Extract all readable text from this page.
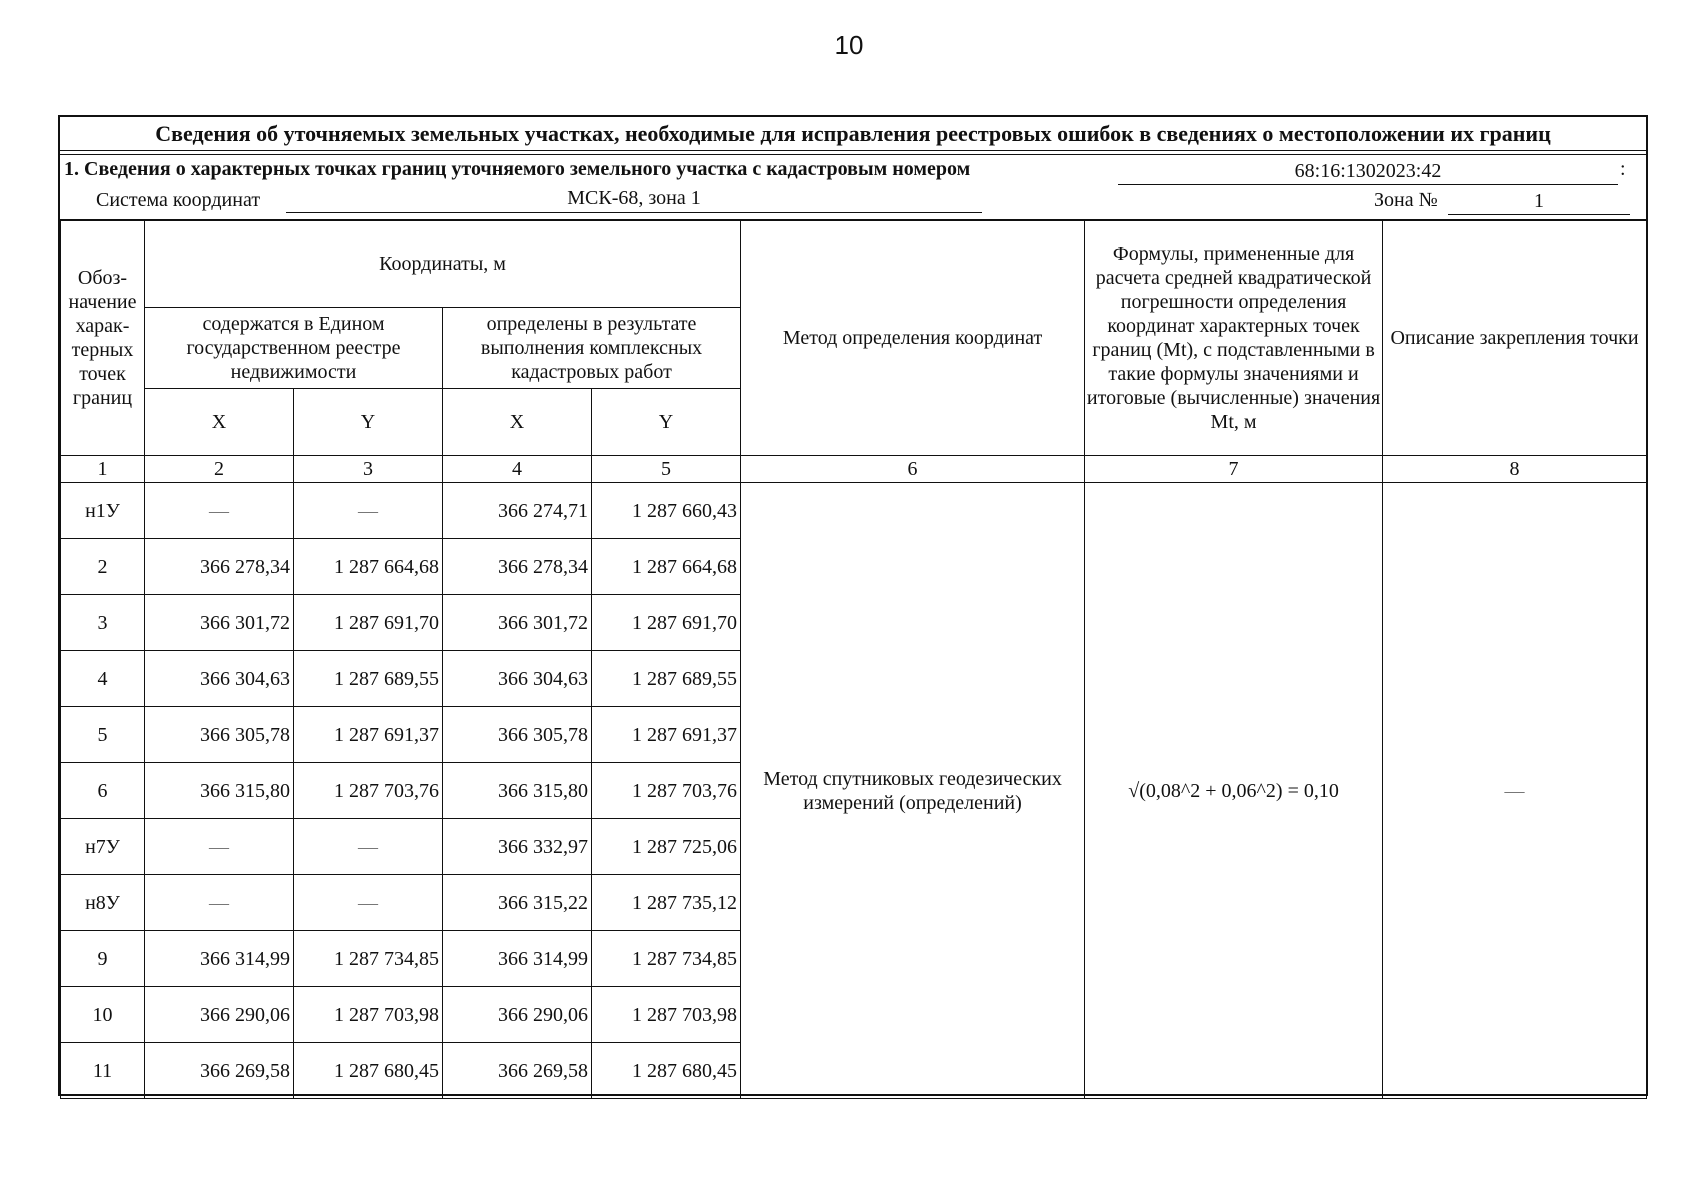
10
Сведения об уточняемых земельных участках, необходимые для исправления реестровых ошибок в сведениях о местоположении их границ
1. Сведения о характерных точках границ уточняемого земельного участка с кадастровым номером	68:16:1302023:42	:
Система координат	МСК-68, зона 1	Зона №	1
Обоз- начение харак- терных точек границ	Координаты, м				Метод определения координат	Формулы, примененные для расчета средней квадратической погрешности определения координат характерных точек границ (Mt), с подставленными в такие формулы значениями и итоговые (вычисленные) значения Mt, м	Описание закрепления точки
	содержатся в Едином государственном реестре недвижимости		определены в результате выполнения комплексных кадастровых работ				
	X	Y	X	Y			
1	2	3	4	5	6	7	8
н1У	—	—	366 274,71	1 287 660,43	Метод спутниковых геодезических измерений (определений)	√(0,08^2 + 0,06^2) = 0,10	—
2	366 278,34	1 287 664,68	366 278,34	1 287 664,68			
3	366 301,72	1 287 691,70	366 301,72	1 287 691,70			
4	366 304,63	1 287 689,55	366 304,63	1 287 689,55			
5	366 305,78	1 287 691,37	366 305,78	1 287 691,37			
6	366 315,80	1 287 703,76	366 315,80	1 287 703,76			
н7У	—	—	366 332,97	1 287 725,06			
н8У	—	—	366 315,22	1 287 735,12			
9	366 314,99	1 287 734,85	366 314,99	1 287 734,85			
10	366 290,06	1 287 703,98	366 290,06	1 287 703,98			
11	366 269,58	1 287 680,45	366 269,58	1 287 680,45			
